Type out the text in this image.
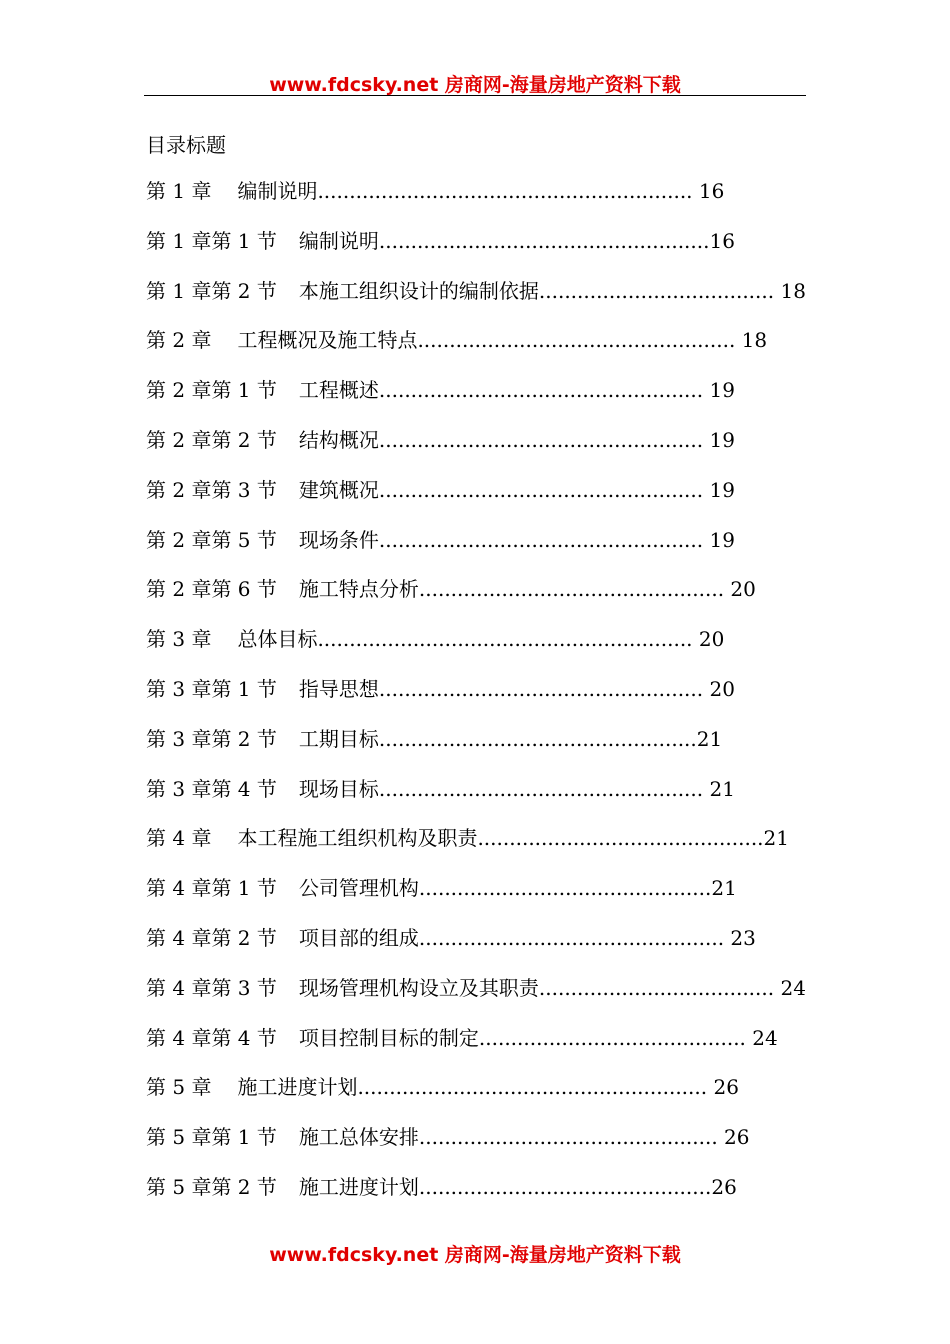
www.fdcsky.net 房商网-海量房地产资料下载
目录标题
第 1 章 编制说明........................................................... 16
第 1 章第 1 节 编制说明....................................................16
第 1 章第 2 节 本施工组织设计的编制依据..................................... 18
第 2 章 工程概况及施工特点.................................................. 18
第 2 章第 1 节 工程概述................................................... 19
第 2 章第 2 节 结构概况................................................... 19
第 2 章第 3 节 建筑概况................................................... 19
第 2 章第 5 节 现场条件................................................... 19
第 2 章第 6 节 施工特点分析................................................ 20
第 3 章 总体目标........................................................... 20
第 3 章第 1 节 指导思想................................................... 20
第 3 章第 2 节 工期目标..................................................21
第 3 章第 4 节 现场目标................................................... 21
第 4 章 本工程施工组织机构及职责.............................................21
第 4 章第 1 节 公司管理机构..............................................21
第 4 章第 2 节 项目部的组成................................................ 23
第 4 章第 3 节 现场管理机构设立及其职责..................................... 24
第 4 章第 4 节 项目控制目标的制定.......................................... 24
第 5 章 施工进度计划....................................................... 26
第 5 章第 1 节 施工总体安排............................................... 26
第 5 章第 2 节 施工进度计划..............................................26
www.fdcsky.net 房商网-海量房地产资料下载
